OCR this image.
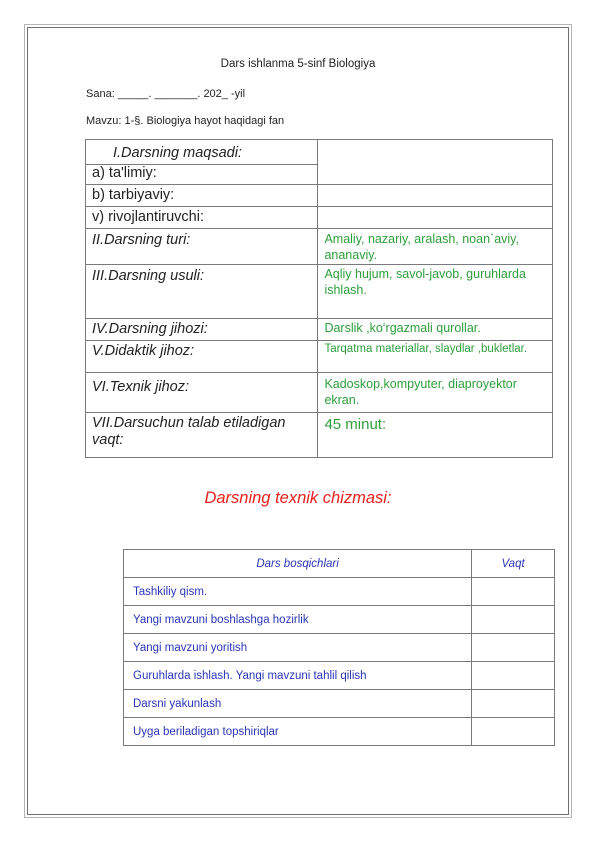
Dars ishlanma 5-sinf Biologiya
Sana: _____. _______. 202_ -yil
Mavzu: 1-§. Biologiya hayot haqidagi fan
I.Darsning maqsadi:	
a) ta'limiy:	
b) tarbiyaviy:	
v) rivojlantiruvchi:	
II.Darsning turi:	Amaliy, nazariy, aralash, noan`aviy, ananaviy.
III.Darsning usuli:	Aqliy hujum, savol-javob, guruhlarda ishlash.
IV.Darsning jihozi:	Darslik ,ko‘rgazmali qurollar.
V.Didaktik jihoz:	Tarqatma materiallar, slaydlar ,bukletlar.
VI.Texnik jihoz:	Kadoskop,kompyuter, diaproyektor ekran.
VII.Darsuchun talab etiladigan vaqt:	45 minut:
Darsning texnik chizmasi:
Dars bosqichlari	Vaqt
Tashkiliy qism.	
Yangi mavzuni boshlashga hozirlik	
Yangi mavzuni yoritish	
Guruhlarda ishlash. Yangi mavzuni tahlil qilish	
Darsni yakunlash	
Uyga beriladigan topshiriqlar	
